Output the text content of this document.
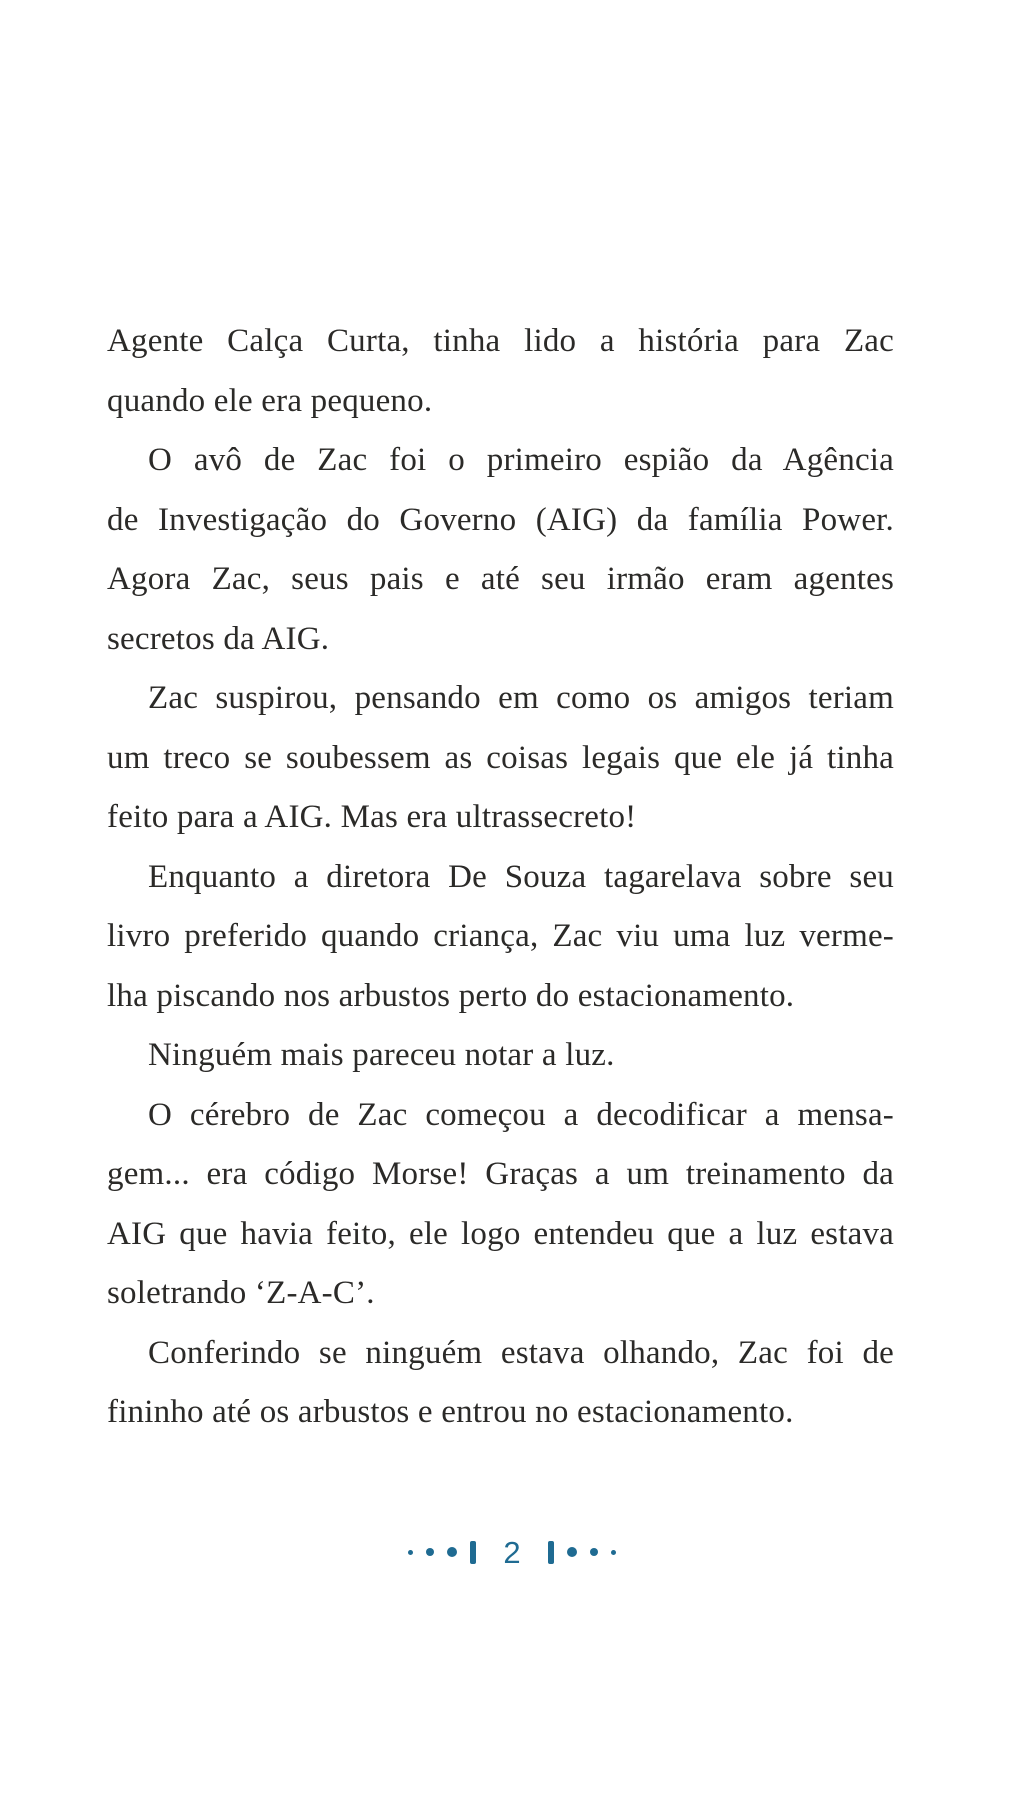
Agente Calça Curta, tinha lido a história para Zac
quando ele era pequeno.

O avô de Zac foi o primeiro espião da Agência
de Investigação do Governo (AIG) da família Power.
Agora Zac, seus pais e até seu irmão eram agentes
secretos da AIG.

Zac suspirou, pensando em como os amigos teriam
um treco se soubessem as coisas legais que ele já tinha
feito para a AIG. Mas era ultrassecreto!

Enquanto a diretora De Souza tagarelava sobre seu
livro preferido quando criança, Zac viu uma luz verme-
lha piscando nos arbustos perto do estacionamento.

Ninguém mais pareceu notar a luz.

O cérebro de Zac começou a decodificar a mensa-
gem... era código Morse! Graças a um treinamento da
AIG que havia feito, ele logo entendeu que a luz estava
soletrando ‘Z-A-C’.

Conferindo se ninguém estava olhando, Zac foi de
fininho até os arbustos e entrou no estacionamento.

2
